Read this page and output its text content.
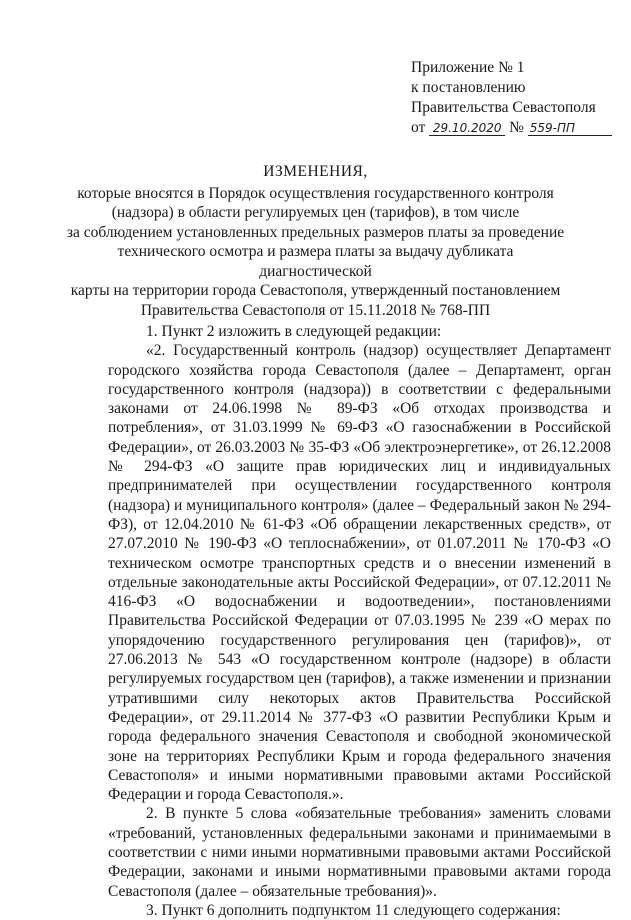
Приложение № 1
к постановлению
Правительства Севастополя
от 29.10.2020 № 559-ПП
ИЗМЕНЕНИЯ,
которые вносятся в Порядок осуществления государственного контроля
(надзора) в области регулируемых цен (тарифов), в том числе
за соблюдением установленных предельных размеров платы за проведение
технического осмотра и размера платы за выдачу дубликата диагностической
карты на территории города Севастополя, утвержденный постановлением
Правительства Севастополя от 15.11.2018 № 768-ПП

1. Пункт 2 изложить в следующей редакции:

«2. Государственный контроль (надзор) осуществляет Департамент городского хозяйства города Севастополя (далее – Департамент, орган государственного контроля (надзора)) в соответствии с федеральными законами от 24.06.1998 № 89-ФЗ «Об отходах производства и потребления», от 31.03.1999 № 69-ФЗ «О газоснабжении в Российской Федерации», от 26.03.2003 № 35-ФЗ «Об электроэнергетике», от 26.12.2008 № 294-ФЗ «О защите прав юридических лиц и индивидуальных предпринимателей при осуществлении государственного контроля (надзора) и муниципального контроля» (далее – Федеральный закон № 294-ФЗ), от 12.04.2010 № 61-ФЗ «Об обращении лекарственных средств», от 27.07.2010 № 190-ФЗ «О теплоснабжении», от 01.07.2011 № 170-ФЗ «О техническом осмотре транспортных средств и о внесении изменений в отдельные законодательные акты Российской Федерации», от 07.12.2011 № 416-ФЗ «О водоснабжении и водоотведении», постановлениями Правительства Российской Федерации от 07.03.1995 № 239 «О мерах по упорядочению государственного регулирования цен (тарифов)», от 27.06.2013 № 543 «О государственном контроле (надзоре) в области регулируемых государством цен (тарифов), а также изменении и признании утратившими силу некоторых актов Правительства Российской Федерации», от 29.11.2014 № 377-ФЗ «О развитии Республики Крым и города федерального значения Севастополя и свободной экономической зоне на территориях Республики Крым и города федерального значения Севастополя» и иными нормативными правовыми актами Российской Федерации и города Севастополя.».

2. В пункте 5 слова «обязательные требования» заменить словами «требований, установленных федеральными законами и принимаемыми в соответствии с ними иными нормативными правовыми актами Российской Федерации, законами и иными нормативными правовыми актами города Севастополя (далее – обязательные требования)».

3. Пункт 6 дополнить подпунктом 11 следующего содержания:
